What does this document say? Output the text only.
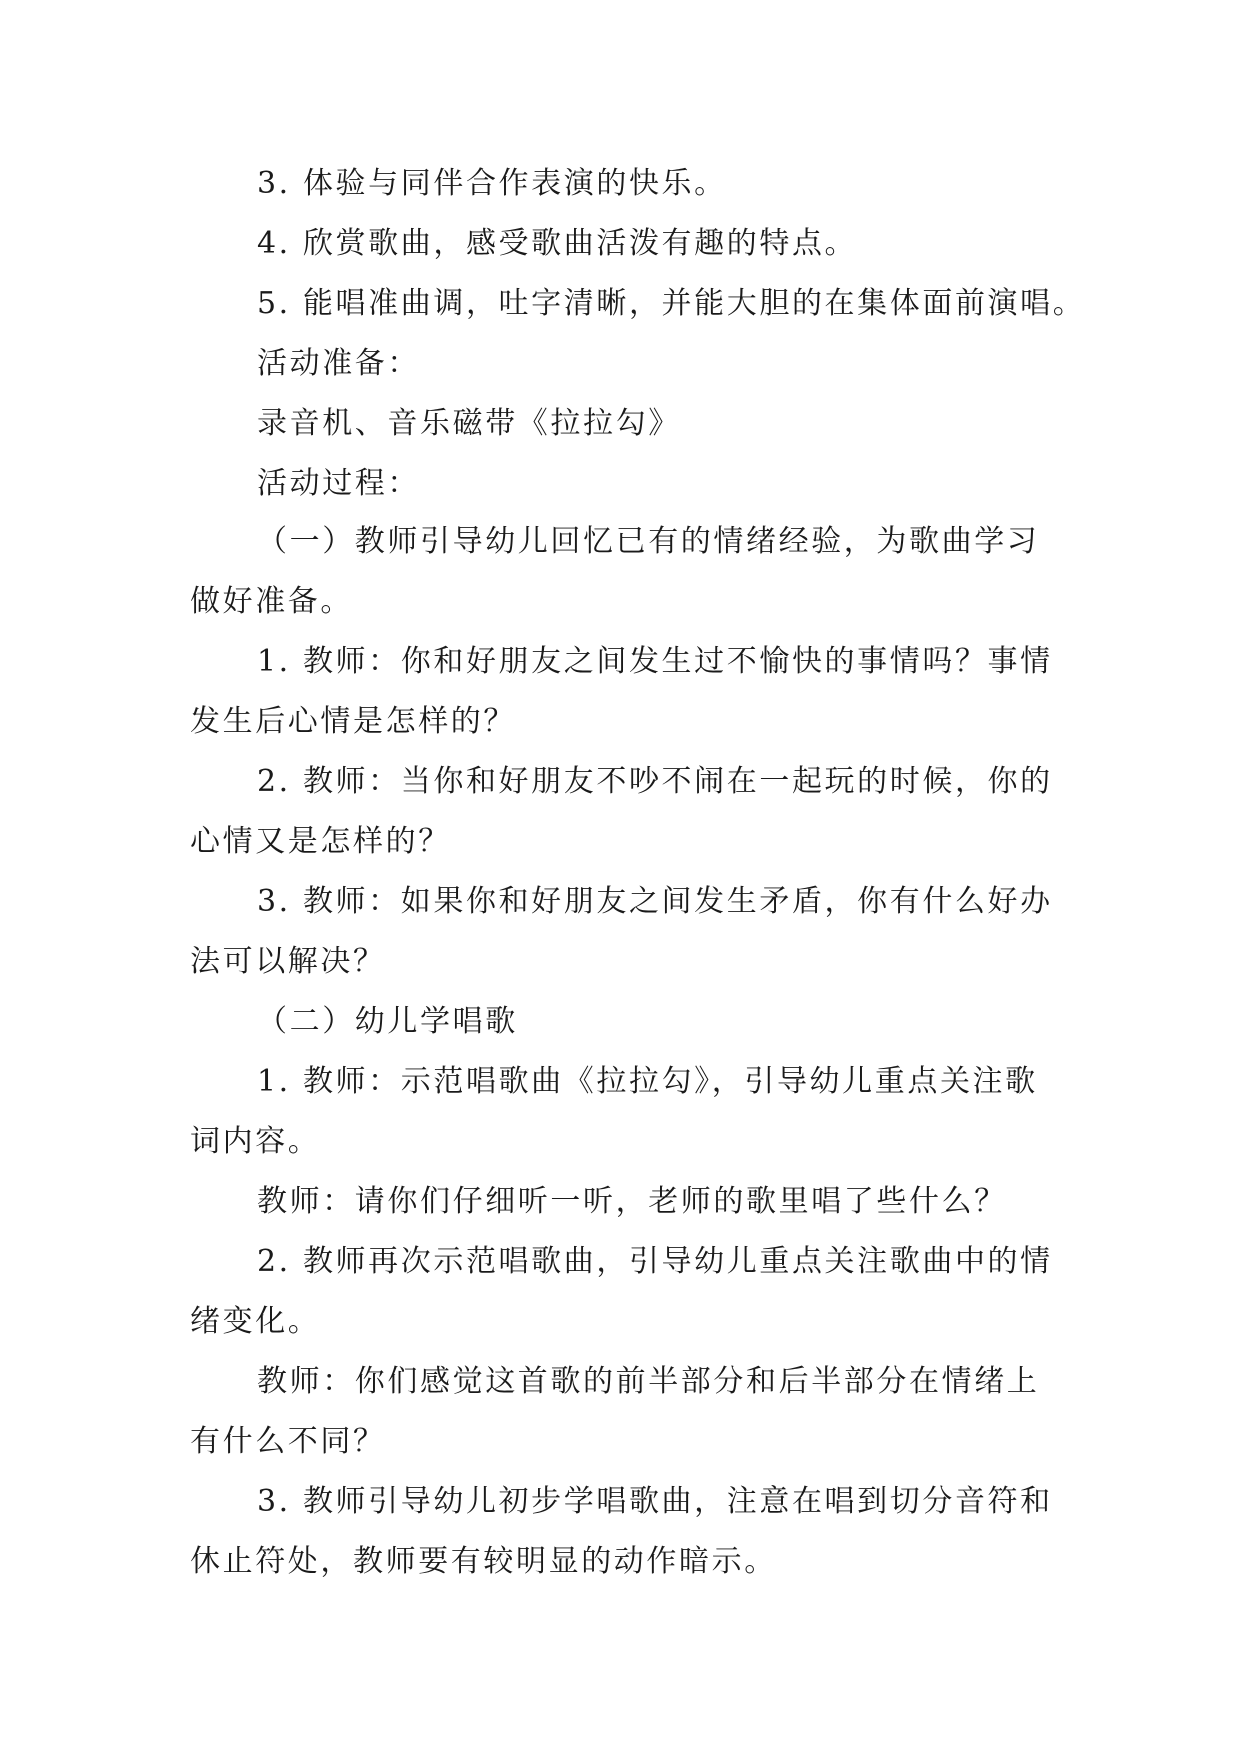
3. 体验与同伴合作表演的快乐。
4. 欣赏歌曲，感受歌曲活泼有趣的特点。
5. 能唱准曲调，吐字清晰，并能大胆的在集体面前演唱。
活动准备：
录音机、音乐磁带《拉拉勾》
活动过程：
（一）教师引导幼儿回忆已有的情绪经验，为歌曲学习
做好准备。
1. 教师：你和好朋友之间发生过不愉快的事情吗？事情
发生后心情是怎样的？
2. 教师：当你和好朋友不吵不闹在一起玩的时候，你的
心情又是怎样的？
3. 教师：如果你和好朋友之间发生矛盾，你有什么好办
法可以解决？
（二）幼儿学唱歌
1. 教师：示范唱歌曲《拉拉勾》，引导幼儿重点关注歌
词内容。
教师：请你们仔细听一听，老师的歌里唱了些什么？
2. 教师再次示范唱歌曲，引导幼儿重点关注歌曲中的情
绪变化。
教师：你们感觉这首歌的前半部分和后半部分在情绪上
有什么不同？
3. 教师引导幼儿初步学唱歌曲，注意在唱到切分音符和
休止符处，教师要有较明显的动作暗示。
